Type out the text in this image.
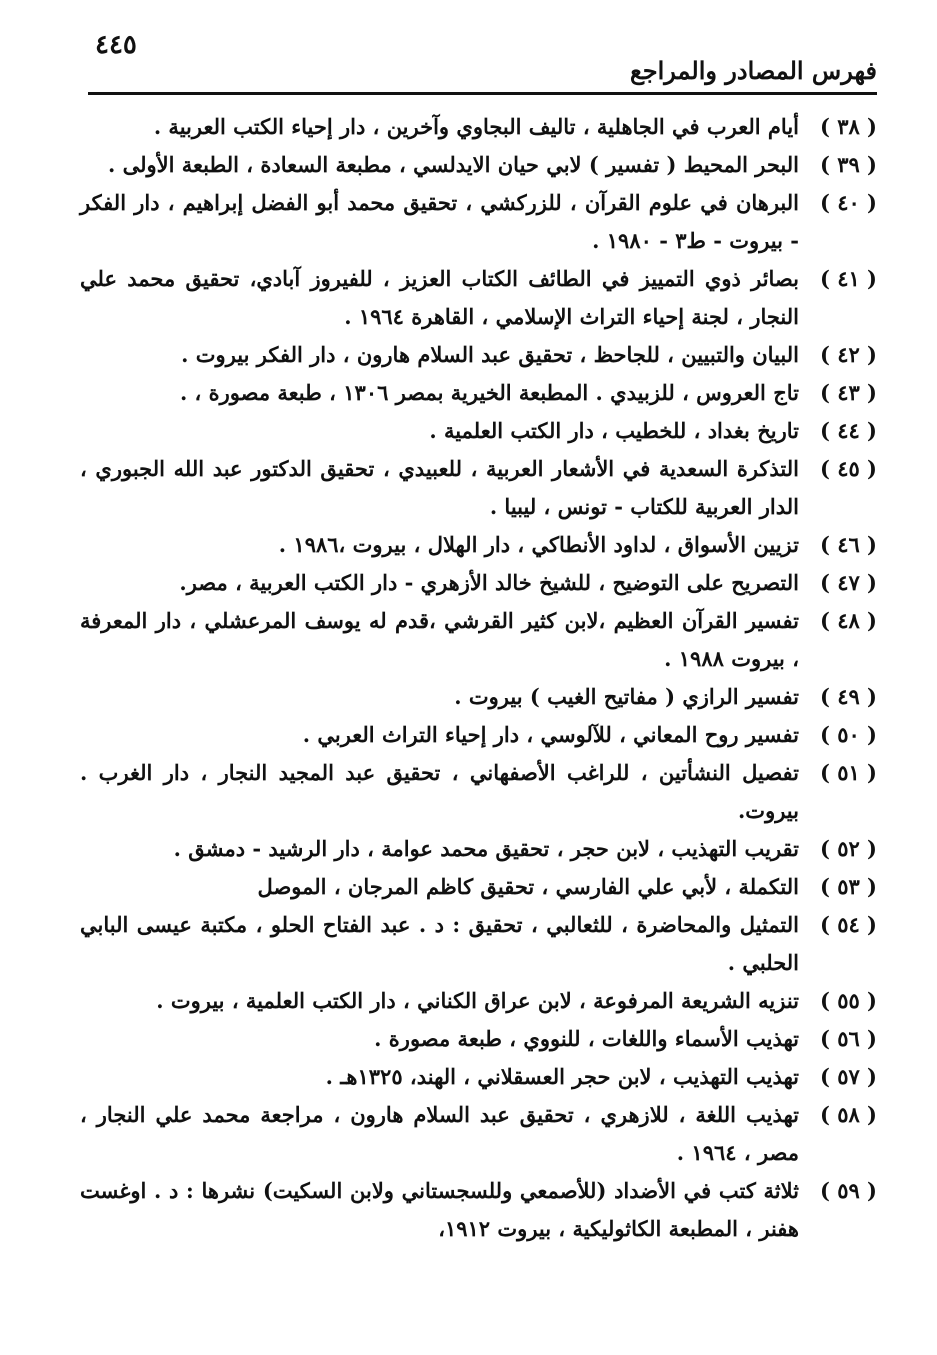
٤٤٥
فهرس المصادر والمراجع
( ٣٨ )
أيام العرب في الجاهلية ، تاليف البجاوي وآخرين ، دار إحياء الكتب العربية .
( ٣٩ )
البحر المحيط ( تفسير ) لابي حيان الايدلسي ، مطبعة السعادة ، الطبعة الأولى .
( ٤٠ )
البرهان في علوم القرآن ، للزركشي ، تحقيق محمد أبو الفضل إبراهيم ، دار الفكر - بيروت - ط٣ - ١٩٨٠ .
( ٤١ )
بصائر ذوي التمييز في الطائف الكتاب العزيز ، للفيروز آبادي، تحقيق محمد علي النجار ، لجنة إحياء التراث الإسلامي ، القاهرة ١٩٦٤ .
( ٤٢ )
البيان والتبيين ، للجاحظ ، تحقيق عبد السلام هارون ، دار الفكر بيروت .
( ٤٣ )
تاج العروس ، للزبيدي . المطبعة الخيرية بمصر ١٣٠٦ ، طبعة مصورة ، .
( ٤٤ )
تاريخ بغداد ، للخطيب ، دار الكتب العلمية .
( ٤٥ )
التذكرة السعدية في الأشعار العربية ، للعبيدي ، تحقيق الدكتور عبد الله الجبوري ، الدار العربية للكتاب - تونس ، ليبيا .
( ٤٦ )
تزيين الأسواق ، لداود الأنطاكي ، دار الهلال ، بيروت ،١٩٨٦ .
( ٤٧ )
التصريح على التوضيح ، للشيخ خالد الأزهري - دار الكتب العربية ، مصر.
( ٤٨ )
تفسير القرآن العظيم ،لابن كثير القرشي ،قدم له يوسف المرعشلي ، دار المعرفة ، بيروت ١٩٨٨ .
( ٤٩ )
تفسير الرازي ( مفاتيح الغيب ) بيروت .
( ٥٠ )
تفسير روح المعاني ، للآلوسي ، دار إحياء التراث العربي .
( ٥١ )
تفصيل النشأتين ، للراغب الأصفهاني ، تحقيق عبد المجيد النجار ، دار الغرب . بيروت.
( ٥٢ )
تقريب التهذيب ، لابن حجر ، تحقيق محمد عوامة ، دار الرشيد - دمشق .
( ٥٣ )
التكملة ، لأبي علي الفارسي ، تحقيق كاظم المرجان ، الموصل
( ٥٤ )
التمثيل والمحاضرة ، للثعالبي ، تحقيق : د . عبد الفتاح الحلو ، مكتبة عيسى البابي الحلبي .
( ٥٥ )
تنزيه الشريعة المرفوعة ، لابن عراق الكناني ، دار الكتب العلمية ، بيروت .
( ٥٦ )
تهذيب الأسماء واللغات ، للنووي ، طبعة مصورة .
( ٥٧ )
تهذيب التهذيب ، لابن حجر العسقلاني ، الهند، ١٣٢٥هـ .
( ٥٨ )
تهذيب اللغة ، للازهري ، تحقيق عبد السلام هارون ، مراجعة محمد علي النجار ، مصر ، ١٩٦٤ .
( ٥٩ )
ثلاثة كتب في الأضداد (للأصمعي وللسجستاني ولابن السكيت) نشرها : د . اوغست هفنر ، المطبعة الكاثوليكية ، بيروت ١٩١٢،
